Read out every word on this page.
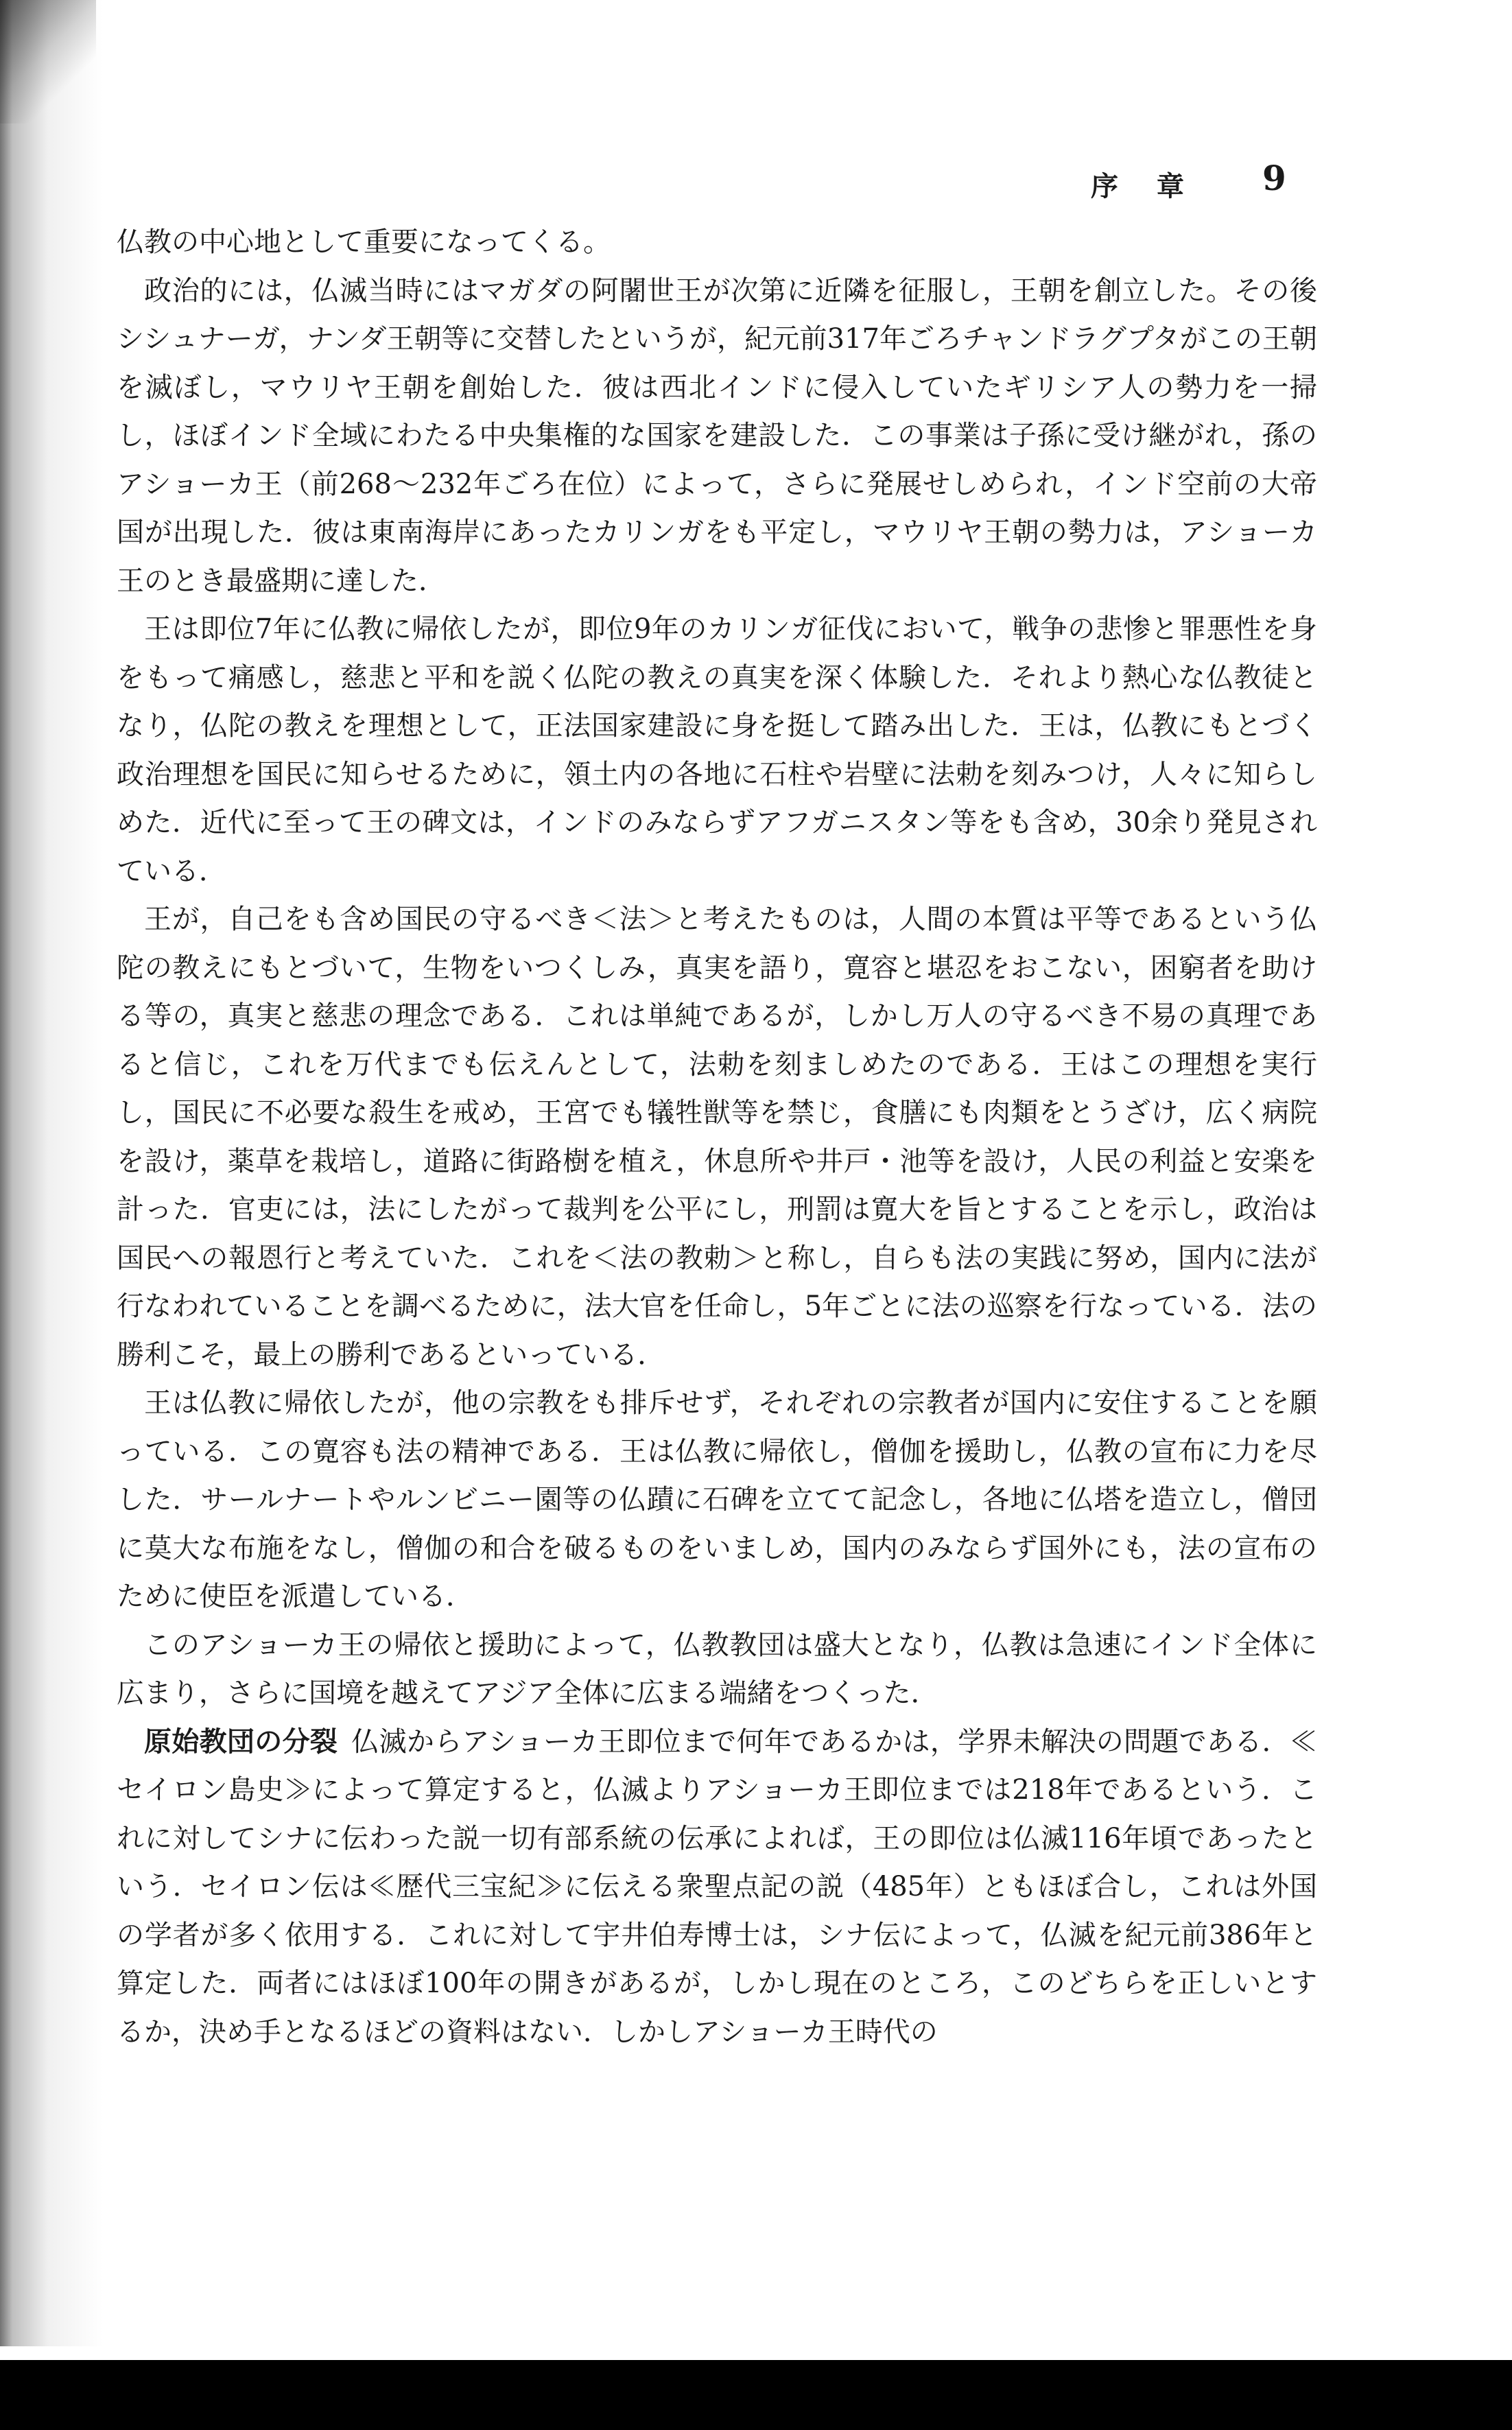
序章 9

仏教の中心地として重要になってくる。

政治的には，仏滅当時にはマガダの阿闍世王が次第に近隣を征服し，王朝を創立した。その後シシュナーガ，ナンダ王朝等に交替したというが，紀元前317年ごろチャンドラグプタがこの王朝を滅ぼし，マウリヤ王朝を創始した．彼は西北インドに侵入していたギリシア人の勢力を一掃し，ほぼインド全域にわたる中央集権的な国家を建設した．この事業は子孫に受け継がれ，孫のアショーカ王（前268～232年ごろ在位）によって，さらに発展せしめられ，インド空前の大帝国が出現した．彼は東南海岸にあったカリンガをも平定し，マウリヤ王朝の勢力は，アショーカ王のとき最盛期に達した．

王は即位7年に仏教に帰依したが，即位9年のカリンガ征伐において，戦争の悲惨と罪悪性を身をもって痛感し，慈悲と平和を説く仏陀の教えの真実を深く体験した．それより熱心な仏教徒となり，仏陀の教えを理想として，正法国家建設に身を挺して踏み出した．王は，仏教にもとづく政治理想を国民に知らせるために，領土内の各地に石柱や岩壁に法勅を刻みつけ，人々に知らしめた．近代に至って王の碑文は，インドのみならずアフガニスタン等をも含め，30余り発見されている．

王が，自己をも含め国民の守るべき＜法＞と考えたものは，人間の本質は平等であるという仏陀の教えにもとづいて，生物をいつくしみ，真実を語り，寛容と堪忍をおこない，困窮者を助ける等の，真実と慈悲の理念である．これは単純であるが，しかし万人の守るべき不易の真理であると信じ，これを万代までも伝えんとして，法勅を刻ましめたのである．王はこの理想を実行し，国民に不必要な殺生を戒め，王宮でも犠牲獣等を禁じ，食膳にも肉類をとうざけ，広く病院を設け，薬草を栽培し，道路に街路樹を植え，休息所や井戸・池等を設け，人民の利益と安楽を計った．官吏には，法にしたがって裁判を公平にし，刑罰は寛大を旨とすることを示し，政治は国民への報恩行と考えていた．これを＜法の教勅＞と称し，自らも法の実践に努め，国内に法が行なわれていることを調べるために，法大官を任命し，5年ごとに法の巡察を行なっている．法の勝利こそ，最上の勝利であるといっている．

王は仏教に帰依したが，他の宗教をも排斥せず，それぞれの宗教者が国内に安住することを願っている．この寛容も法の精神である．王は仏教に帰依し，僧伽を援助し，仏教の宣布に力を尽した．サールナートやルンビニー園等の仏蹟に石碑を立てて記念し，各地に仏塔を造立し，僧団に莫大な布施をなし，僧伽の和合を破るものをいましめ，国内のみならず国外にも，法の宣布のために使臣を派遣している．

このアショーカ王の帰依と援助によって，仏教教団は盛大となり，仏教は急速にインド全体に広まり，さらに国境を越えてアジア全体に広まる端緒をつくった．

原始教団の分裂 仏滅からアショーカ王即位まで何年であるかは，学界未解決の問題である．≪セイロン島史≫によって算定すると，仏滅よりアショーカ王即位までは218年であるという．これに対してシナに伝わった説一切有部系統の伝承によれば，王の即位は仏滅116年頃であったという．セイロン伝は≪歴代三宝紀≫に伝える衆聖点記の説（485年）ともほぼ合し，これは外国の学者が多く依用する．これに対して宇井伯寿博士は，シナ伝によって，仏滅を紀元前386年と算定した．両者にはほぼ100年の開きがあるが，しかし現在のところ，このどちらを正しいとするか，決め手となるほどの資料はない．しかしアショーカ王時代の
